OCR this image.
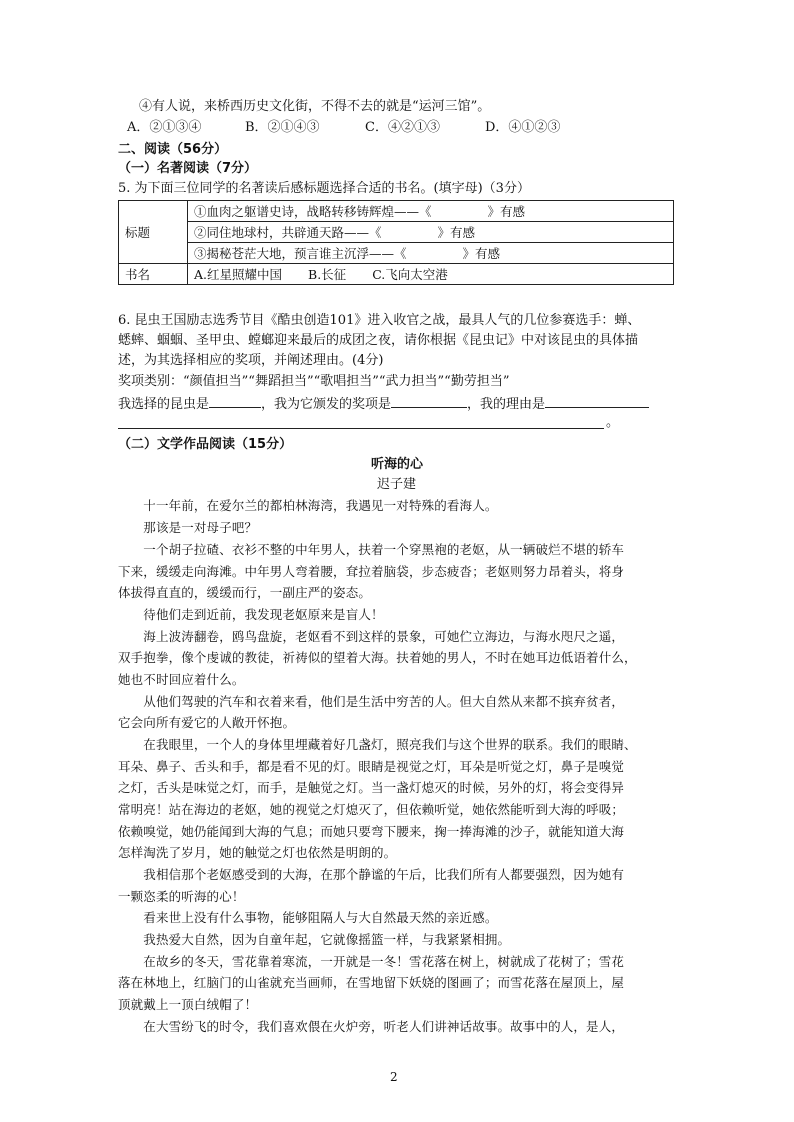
④有人说，来桥西历史文化街，不得不去的就是“运河三馆”。
A．②①③④	B．②①④③	C．④②①③	D．④①②③
二、阅读（56分）
（一）名著阅读（7分）
5. 为下面三位同学的名著读后感标题选择合适的书名。(填字母)（3分）
标题	①血肉之躯谱史诗，战略转移铸辉煌——《 》有感
	②同住地球村，共辟通天路——《 》有感
	③揭秘苍茫大地，预言谁主沉浮——《 》有感
书名	A.红星照耀中国 B.长征 C.飞向太空港
6. 昆虫王国励志选秀节目《酷虫创造101》进入收官之战，最具人气的几位参赛选手：蝉、
蟋蟀、蝈蝈、圣甲虫、螳螂迎来最后的成团之夜，请你根据《昆虫记》中对该昆虫的具体描
述，为其选择相应的奖项，并阐述理由。(4分)
奖项类别：“颜值担当”“舞蹈担当”“歌唱担当”“武力担当”“勤劳担当”
我选择的昆虫是	，我为它颁发的奖项是	，我的理由是
。
（二）文学作品阅读（15分）
听海的心
迟子建
　　十一年前，在爱尔兰的都柏林海湾，我遇见一对特殊的看海人。
　　那该是一对母子吧？
　　一个胡子拉碴、衣衫不整的中年男人，扶着一个穿黑袍的老妪，从一辆破烂不堪的轿车
下来，缓缓走向海滩。中年男人弯着腰，耷拉着脑袋，步态疲沓；老妪则努力昂着头，将身
体拔得直直的，缓缓而行，一副庄严的姿态。
　　待他们走到近前，我发现老妪原来是盲人！
　　海上波涛翻卷，鸥鸟盘旋，老妪看不到这样的景象，可她伫立海边，与海水咫尺之遥，
双手抱拳，像个虔诚的教徒，祈祷似的望着大海。扶着她的男人，不时在她耳边低语着什么，
她也不时回应着什么。
　　从他们驾驶的汽车和衣着来看，他们是生活中穷苦的人。但大自然从来都不摈弃贫者，
它会向所有爱它的人敞开怀抱。
　　在我眼里，一个人的身体里埋藏着好几盏灯，照亮我们与这个世界的联系。我们的眼睛、
耳朵、鼻子、舌头和手，都是看不见的灯。眼睛是视觉之灯，耳朵是听觉之灯，鼻子是嗅觉
之灯，舌头是味觉之灯，而手，是触觉之灯。当一盏灯熄灭的时候，另外的灯，将会变得异
常明亮！站在海边的老妪，她的视觉之灯熄灭了，但依赖听觉，她依然能听到大海的呼吸；
依赖嗅觉，她仍能闻到大海的气息；而她只要弯下腰来，掬一捧海滩的沙子，就能知道大海
怎样淘洗了岁月，她的触觉之灯也依然是明朗的。
　　我相信那个老妪感受到的大海，在那个静谧的午后，比我们所有人都要强烈，因为她有
一颗恣柔的听海的心！
　　看来世上没有什么事物，能够阻隔人与大自然最天然的亲近感。
　　我热爱大自然，因为自童年起，它就像摇篮一样，与我紧紧相拥。
　　在故乡的冬天，雪花靠着寒流，一开就是一冬！雪花落在树上，树就成了花树了；雪花
落在林地上，红脑门的山雀就充当画师，在雪地留下妖娆的图画了；而雪花落在屋顶上，屋
顶就戴上一顶白绒帽了！
　　在大雪纷飞的时令，我们喜欢偎在火炉旁，听老人们讲神话故事。故事中的人，是人，
2
